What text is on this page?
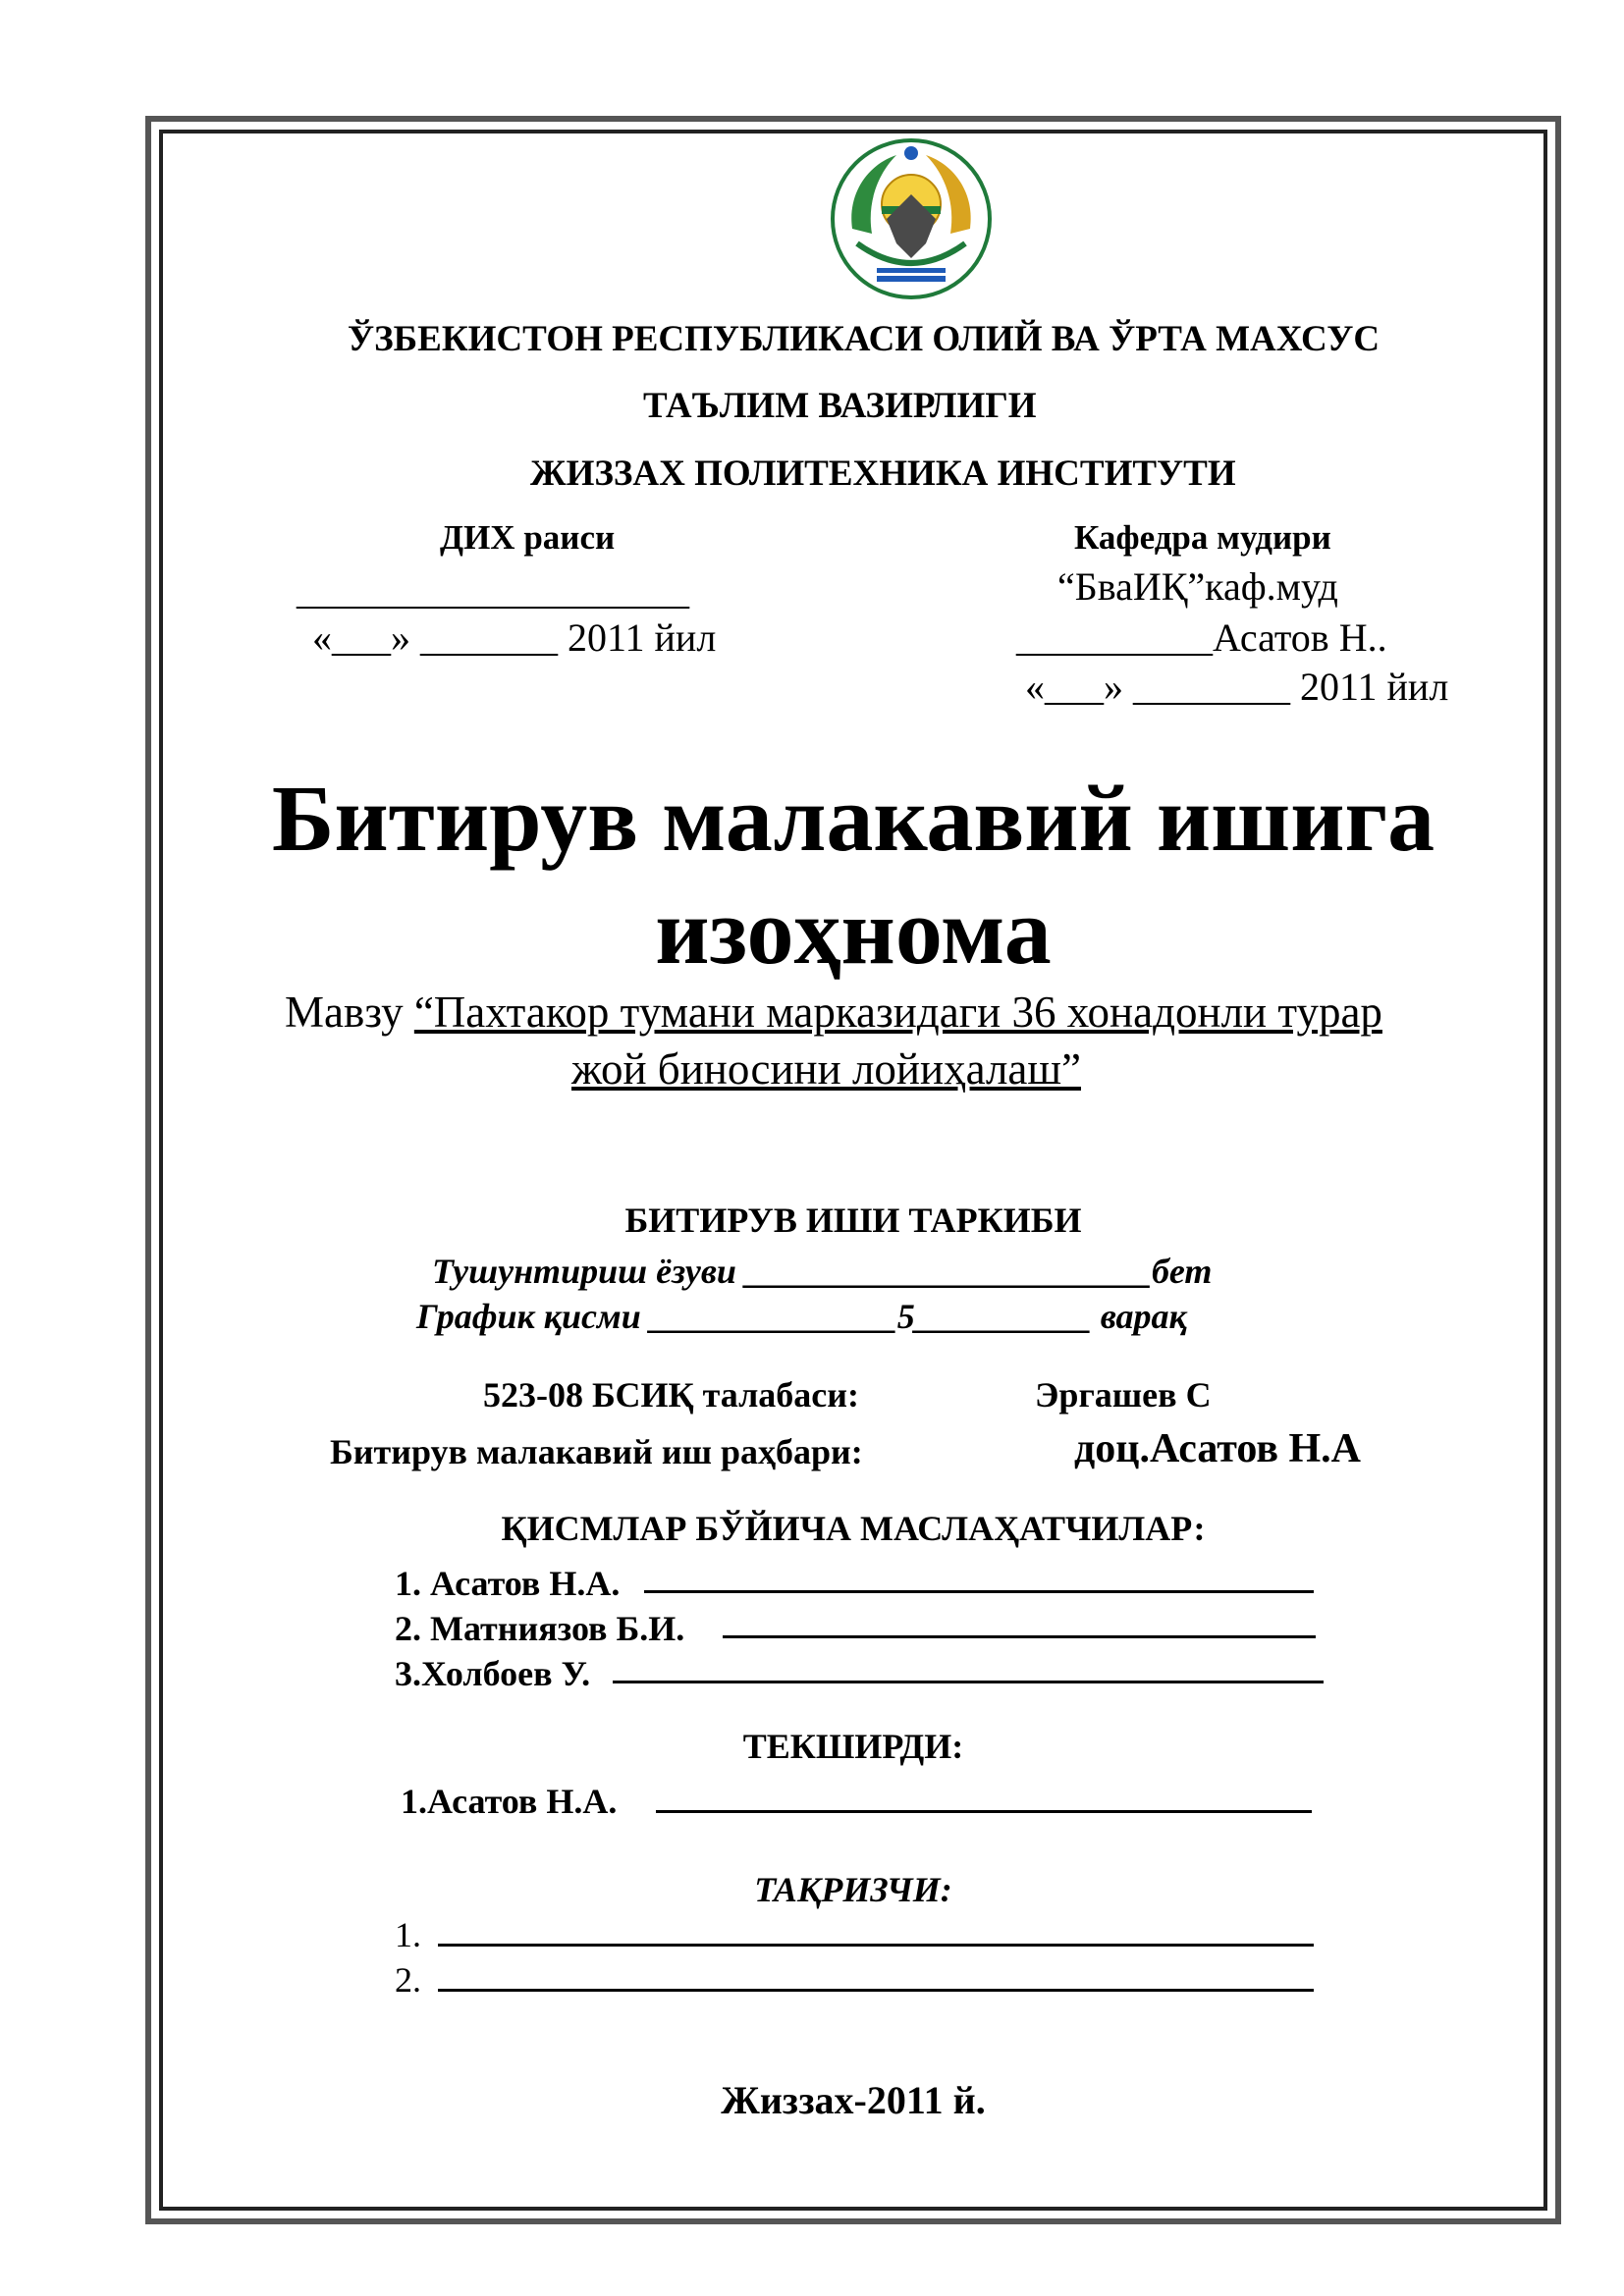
ЎЗБЕКИСТОН РЕСПУБЛИКАСИ ОЛИЙ ВА ЎРТА МАХСУС
ТАЪЛИМ ВАЗИРЛИГИ
ЖИЗЗАХ ПОЛИТЕХНИКА ИНСТИТУТИ
ДИХ раиси
____________________
«___» _______ 2011 йил
Кафедра мудири
“БваИҚ”каф.муд
__________Асатов Н..
«___» ________ 2011 йил
Битирув малакавий ишига
изоҳнома
Мавзу “Пахтакор тумани марказидаги 36 хонадонли турар
жой биносини лойиҳалаш”
БИТИРУВ ИШИ ТАРКИБИ
Тушунтириш ёзуви _______________________бет
График қисми ______________5__________ варақ
523-08 БСИҚ талабаси:	Эргашев С
Битирув малакавий иш раҳбари:	доц.Асатов Н.А
ҚИСМЛАР БЎЙИЧА МАСЛАҲАТЧИЛАР:
1. Асатов Н.А.
2. Матниязов Б.И.
3.Холбоев У.
ТЕКШИРДИ:
1.Асатов Н.А.
ТАҚРИЗЧИ:
1.
2.
Жиззах-2011 й.
